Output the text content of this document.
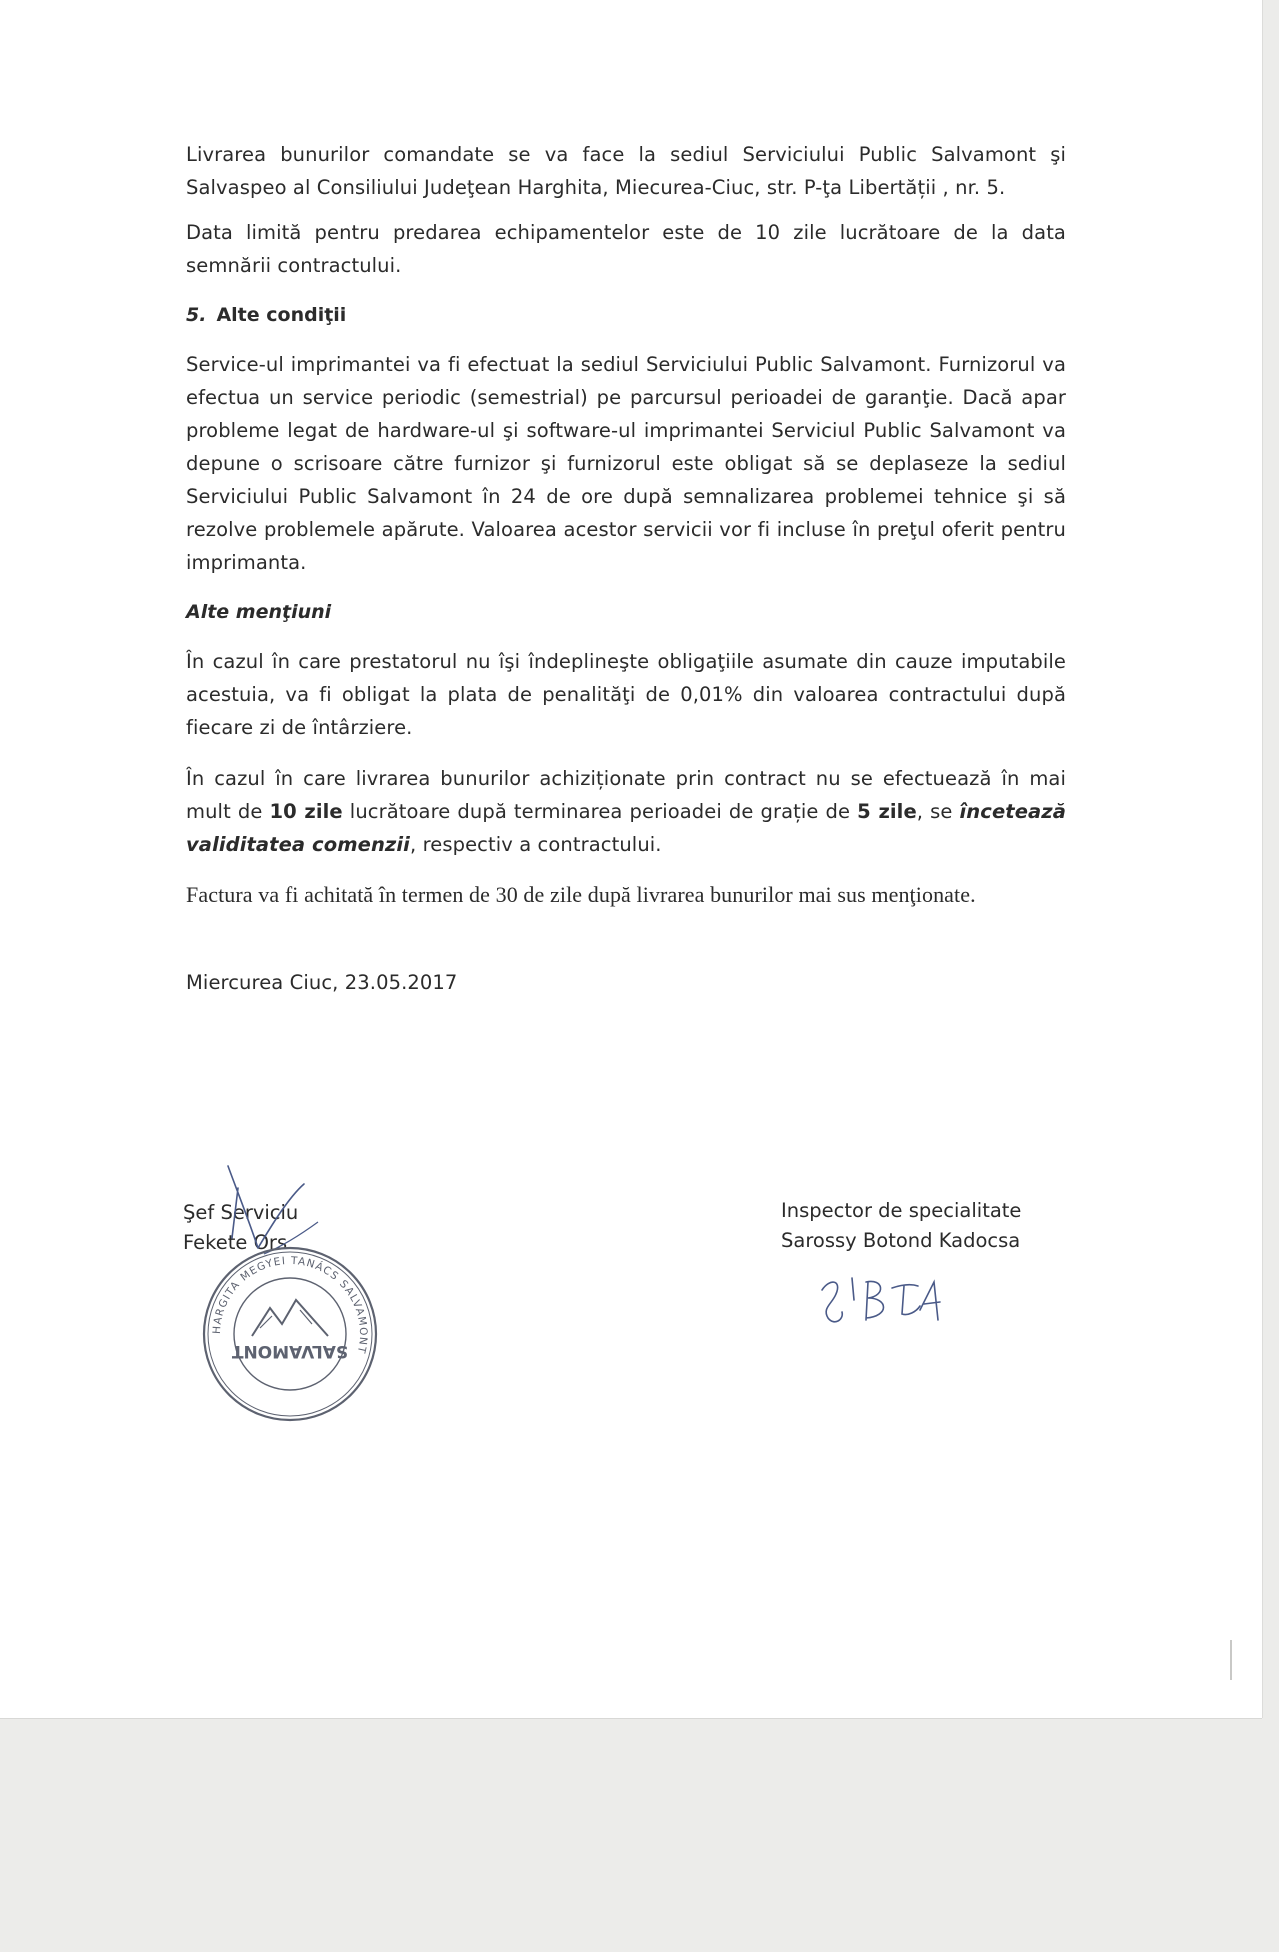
Livrarea bunurilor comandate se va face la sediul Serviciului Public Salvamont şi Salvaspeo al Consiliului Judeţean Harghita, Miecurea-Ciuc, str. P-ţa Libertății , nr. 5.

Data limită pentru predarea echipamentelor este de 10 zile lucrătoare de la data semnării contractului.

5. Alte condiţii

Service-ul imprimantei va fi efectuat la sediul Serviciului Public Salvamont. Furnizorul va efectua un service periodic (semestrial) pe parcursul perioadei de garanţie. Dacă apar probleme legat de hardware-ul şi software-ul imprimantei Serviciul Public Salvamont va depune o scrisoare către furnizor şi furnizorul este obligat să se deplaseze la sediul Serviciului Public Salvamont în 24 de ore după semnalizarea problemei tehnice şi să rezolve problemele apărute. Valoarea acestor servicii vor fi incluse în preţul oferit pentru imprimanta.

Alte menţiuni

În cazul în care prestatorul nu îşi îndeplineşte obligaţiile asumate din cauze imputabile acestuia, va fi obligat la plata de penalităţi de 0,01% din valoarea contractului după fiecare zi de întârziere.

În cazul în care livrarea bunurilor achiziționate prin contract nu se efectuează în mai mult de 10 zile lucrătoare după terminarea perioadei de grație de 5 zile, se încetează validitatea comenzii, respectiv a contractului.

Factura va fi achitată în termen de 30 de zile după livrarea bunurilor mai sus menţionate.

Miercurea Ciuc, 23.05.2017

Şef Serviciu
Fekete Ors
HARGITA MEGYEI TANÁCS SALVAMONT
SALVAMONT
Inspector de specialitate
Sarossy Botond Kadocsa
